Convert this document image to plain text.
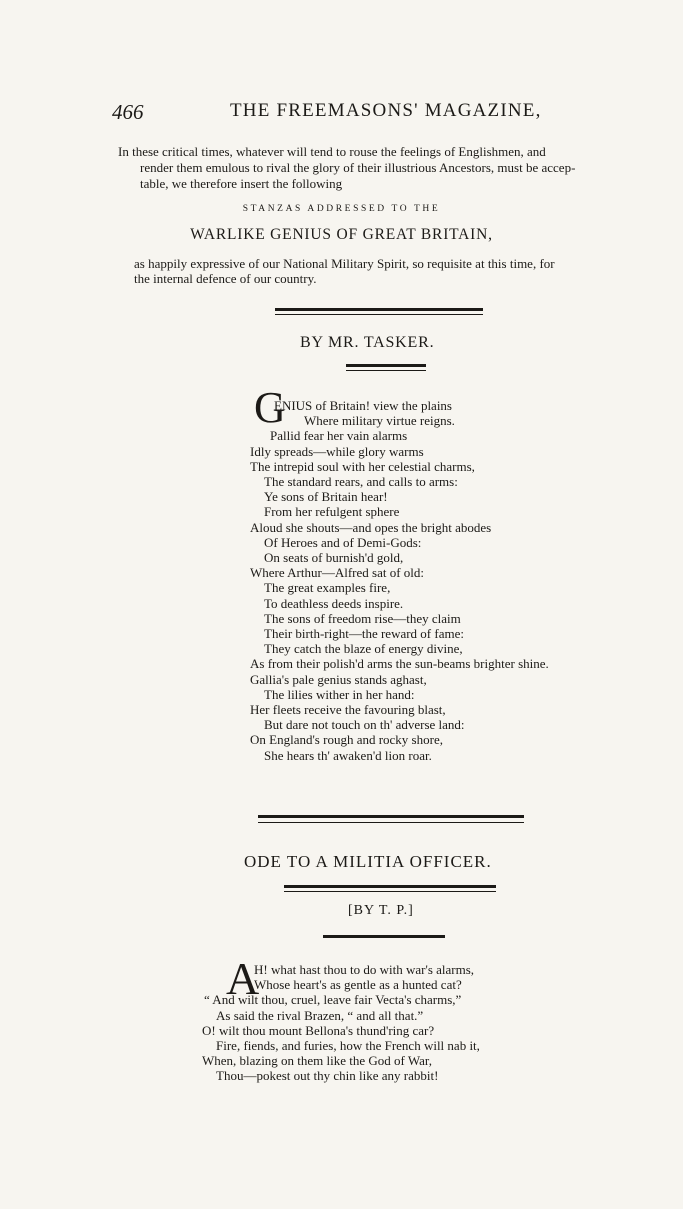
466	THE FREEMASONS' MAGAZINE,
In these critical times, whatever will tend to rouse the feelings of Englishmen, and
render them emulous to rival the glory of their illustrious Ancestors, must be accep-
table, we therefore insert the following
STANZAS ADDRESSED TO THE
WARLIKE GENIUS OF GREAT BRITAIN,
as happily expressive of our National Military Spirit, so requisite at this time, for
the internal defence of our country.
BY MR. TASKER.
G
ENIUS of Britain! view the plains
Where military virtue reigns.
Pallid fear her vain alarms
Idly spreads—while glory warms
The intrepid soul with her celestial charms,
The standard rears, and calls to arms:
Ye sons of Britain hear!
From her refulgent sphere
Aloud she shouts—and opes the bright abodes
Of Heroes and of Demi-Gods:
On seats of burnish'd gold,
Where Arthur—Alfred sat of old:
The great examples fire,
To deathless deeds inspire.
The sons of freedom rise—they claim
Their birth-right—the reward of fame:
They catch the blaze of energy divine,
As from their polish'd arms the sun-beams brighter shine.
Gallia's pale genius stands aghast,
The lilies wither in her hand:
Her fleets receive the favouring blast,
But dare not touch on th' adverse land:
On England's rough and rocky shore,
She hears th' awaken'd lion roar.
ODE TO A MILITIA OFFICER.
[BY T. P.]
A
H! what hast thou to do with war's alarms,
Whose heart's as gentle as a hunted cat?
“ And wilt thou, cruel, leave fair Vecta's charms,”
As said the rival Brazen, “ and all that.”
O! wilt thou mount Bellona's thund'ring car?
Fire, fiends, and furies, how the French will nab it,
When, blazing on them like the God of War,
Thou—pokest out thy chin like any rabbit!
